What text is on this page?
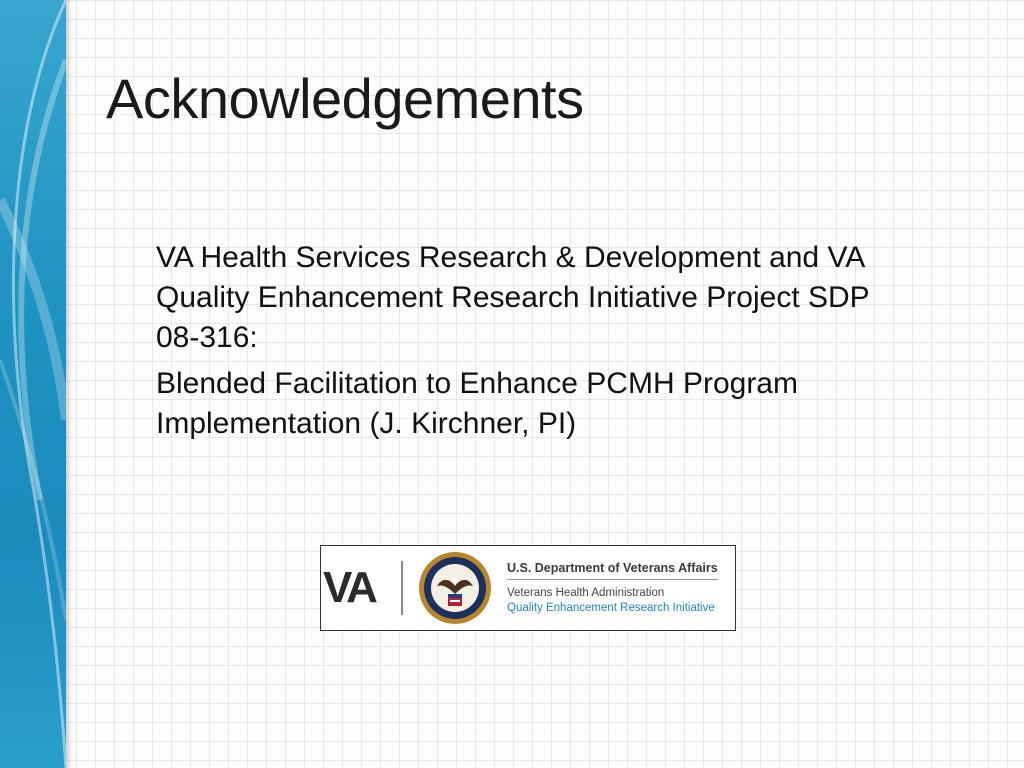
Acknowledgements

VA Health Services Research & Development and VA Quality Enhancement Research Initiative Project SDP 08-316:

Blended Facilitation to Enhance PCMH Program Implementation (J. Kirchner, PI)

VA	U.S. Department of Veterans Affairs
Veterans Health Administration
Quality Enhancement Research Initiative
